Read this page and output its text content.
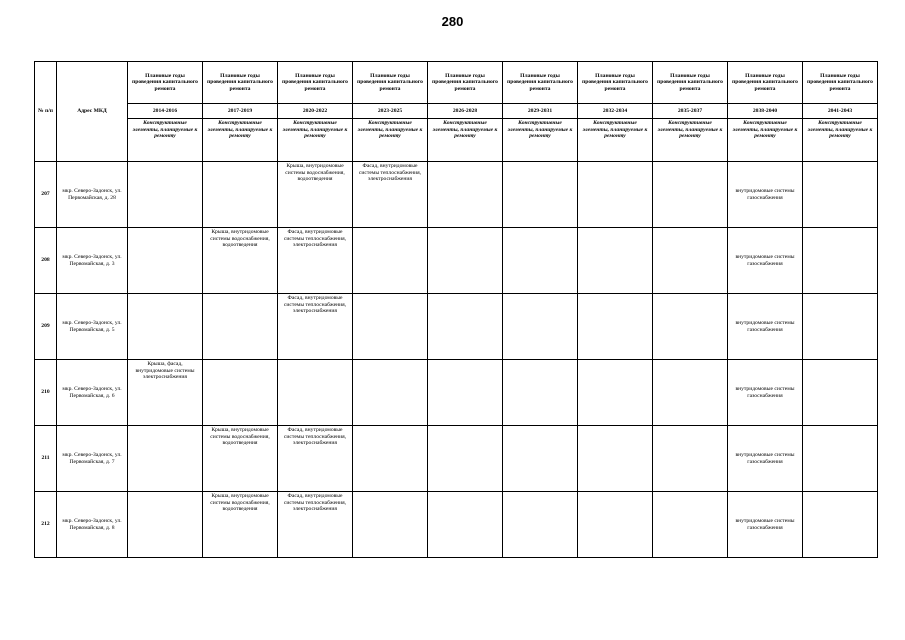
280
№ п/п	Адрес МКД	Плановые годы проведения капитального ремонта	Плановые годы проведения капитального ремонта	Плановые годы проведения капитального ремонта	Плановые годы проведения капитального ремонта	Плановые годы проведения капитального ремонта	Плановые годы проведения капитального ремонта	Плановые годы проведения капитального ремонта	Плановые годы проведения капитального ремонта	Плановые годы проведения капитального ремонта	Плановые годы проведения капитального ремонта
		2014-2016	2017-2019	2020-2022	2023-2025	2026-2028	2029-2031	2032-2034	2035-2037	2038-2040	2041-2043
		Конструктивные элементы, планируемые к ремонту	Конструктивные элементы, планируемые к ремонту	Конструктивные элементы, планируемые к ремонту	Конструктивные элементы, планируемые к ремонту	Конструктивные элементы, планируемые к ремонту	Конструктивные элементы, планируемые к ремонту	Конструктивные элементы, планируемые к ремонту	Конструктивные элементы, планируемые к ремонту	Конструктивные элементы, планируемые к ремонту	Конструктивные элементы, планируемые к ремонту
207	мкр. Северо-Задонск, ул. Первомайская, д. 28			Крыша, внутридомовые системы водоснабжения, водоотведения	Фасад, внутридомовые системы теплоснабжения, электроснабжения					внутридомовые системы газоснабжения	
208	мкр. Северо-Задонск, ул. Первомайская, д. 3		Крыша, внутридомовые системы водоснабжения, водоотведения	Фасад, внутридомовые системы теплоснабжения, электроснабжения						внутридомовые системы газоснабжения	
209	мкр. Северо-Задонск, ул. Первомайская, д. 5			Фасад, внутридомовые системы теплоснабжения, электроснабжения						внутридомовые системы газоснабжения	
210	мкр. Северо-Задонск, ул. Первомайская, д. 6	Крыша, фасад, внутридомовые системы электроснабжения								внутридомовые системы газоснабжения	
211	мкр. Северо-Задонск, ул. Первомайская, д. 7		Крыша, внутридомовые системы водоснабжения, водоотведения	Фасад, внутридомовые системы теплоснабжения, электроснабжения						внутридомовые системы газоснабжения	
212	мкр. Северо-Задонск, ул. Первомайская, д. 8		Крыша, внутридомовые системы водоснабжения, водоотведения	Фасад, внутридомовые системы теплоснабжения, электроснабжения						внутридомовые системы газоснабжения	
